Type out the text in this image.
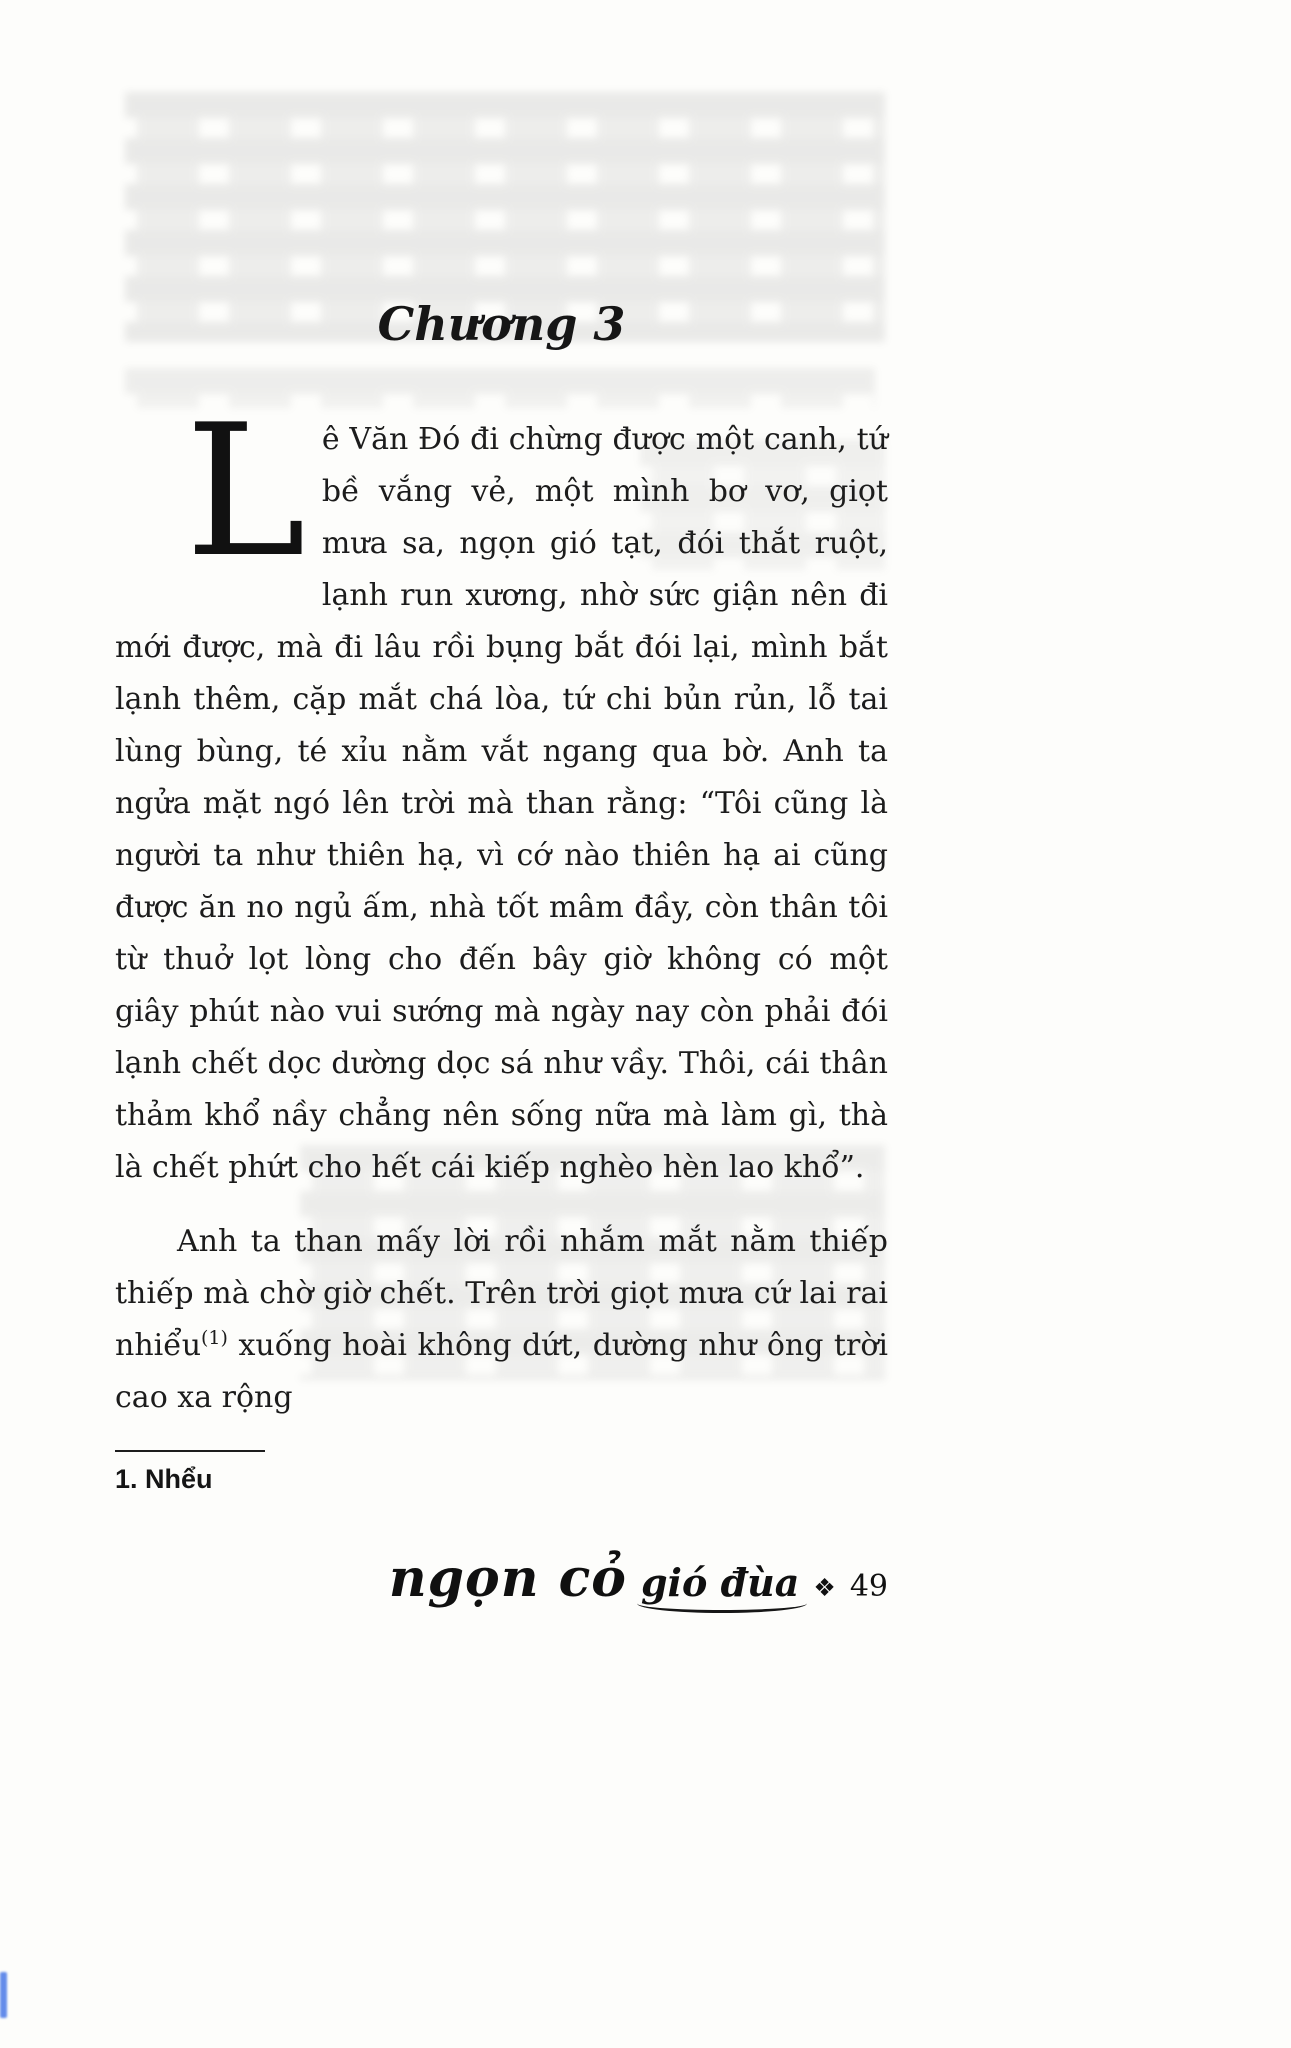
Chương 3

Lê Văn Đó đi chừng được một canh, tứ bề vắng vẻ, một mình bơ vơ, giọt mưa sa, ngọn gió tạt, đói thắt ruột, lạnh run xương, nhờ sức giận nên đi mới được, mà đi lâu rồi bụng bắt đói lại, mình bắt lạnh thêm, cặp mắt chá lòa, tứ chi bủn rủn, lỗ tai lùng bùng, té xỉu nằm vắt ngang qua bờ. Anh ta ngửa mặt ngó lên trời mà than rằng: “Tôi cũng là người ta như thiên hạ, vì cớ nào thiên hạ ai cũng được ăn no ngủ ấm, nhà tốt mâm đầy, còn thân tôi từ thuở lọt lòng cho đến bây giờ không có một giây phút nào vui sướng mà ngày nay còn phải đói lạnh chết dọc dường dọc sá như vầy. Thôi, cái thân thảm khổ nầy chẳng nên sống nữa mà làm gì, thà là chết phứt cho hết cái kiếp nghèo hèn lao khổ”.

Anh ta than mấy lời rồi nhắm mắt nằm thiếp thiếp mà chờ giờ chết. Trên trời giọt mưa cứ lai rai nhiểu$^{(1)}$ xuống hoài không dứt, dường như ông trời cao xa rộng

1. Nhểu
ngọn cỏ gió đùa ❖ 49
